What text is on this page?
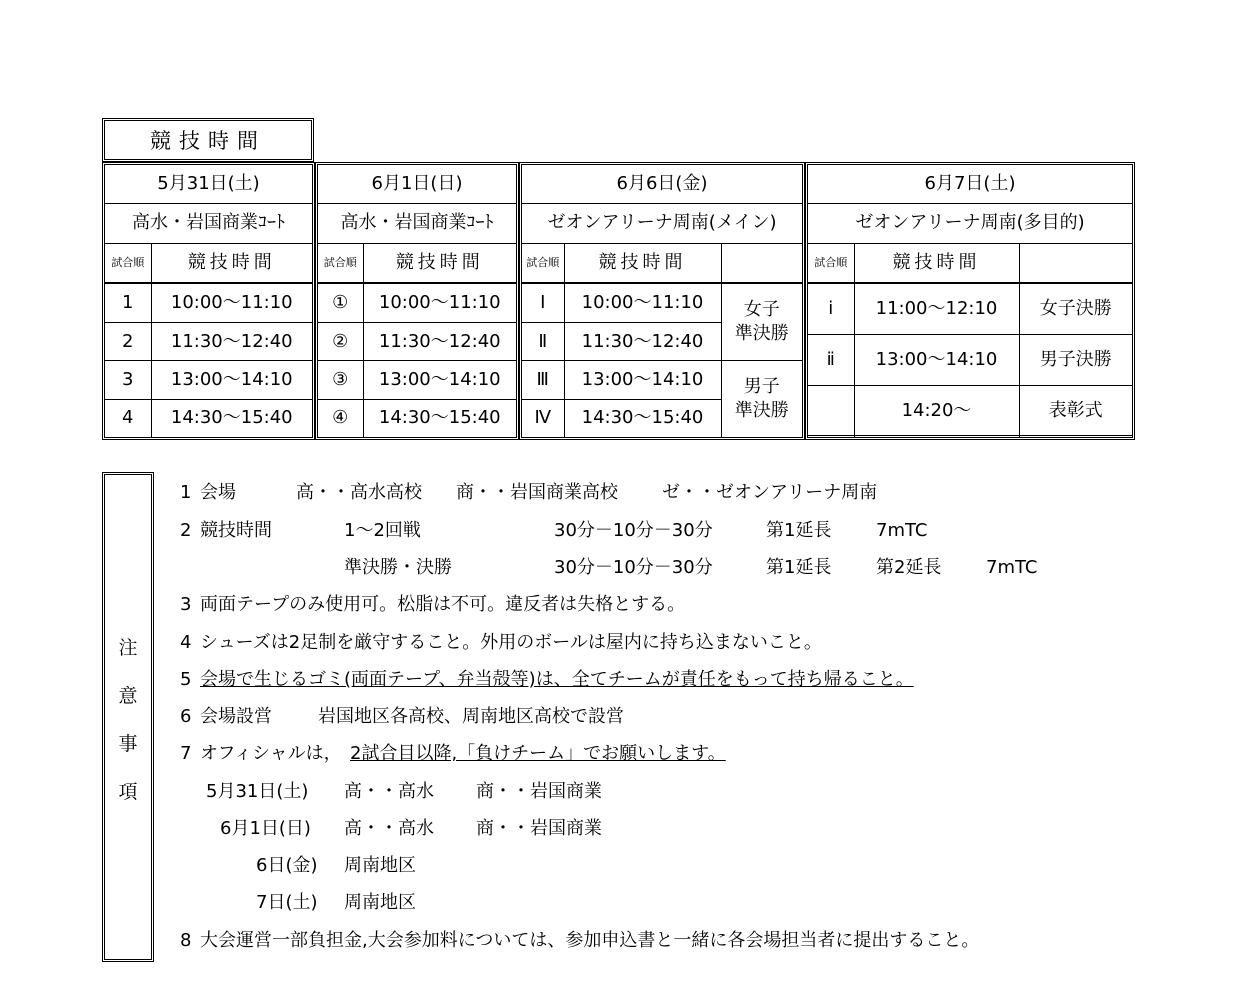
競技時間
5月31日(土)	
高水・岩国商業ｺｰﾄ	
試合順	競技時間
1	10:00〜11:10
2	11:30〜12:40
3	13:00〜14:10
4	14:30〜15:40
6月1日(日)	
高水・岩国商業ｺｰﾄ	
試合順	競技時間
①	10:00〜11:10
②	11:30〜12:40
③	13:00〜14:10
④	14:30〜15:40
6月6日(金)		
ゼオンアリーナ周南(メイン)		
試合順	競技時間	
Ⅰ	10:00〜11:10	女子
準決勝
Ⅱ	11:30〜12:40	
Ⅲ	13:00〜14:10	男子
準決勝
Ⅳ	14:30〜15:40	
6月7日(土)		
ゼオンアリーナ周南(多目的)		
試合順	競技時間	
ⅰ	11:00〜12:10	女子決勝
ⅱ	13:00〜14:10	男子決勝
	14:20〜	表彰式

注
意
事
項
1 会場	高・・高水高校 商・・岩国商業高校 ゼ・・ゼオンアリーナ周南
2 競技時間	1〜2回戦	30分－10分－30分	第1延長 7mTC
準決勝・決勝	30分－10分－30分	第1延長 第2延長 7mTC
3 両面テープのみ使用可。松脂は不可。違反者は失格とする。
4 シューズは2足制を厳守すること。外用のボールは屋内に持ち込まないこと。
5 会場で生じるゴミ(両面テープ、弁当殻等)は、全てチームが責任をもって持ち帰ること。
6 会場設営	岩国地区各高校、周南地区高校で設営
7 オフィシャルは， 2試合目以降,「負けチーム」でお願いします。
5月31日(土) 高・・高水 商・・岩国商業
6月1日(日) 高・・高水 商・・岩国商業
6日(金) 周南地区
7日(土) 周南地区
8 大会運営一部負担金,大会参加料については、参加申込書と一緒に各会場担当者に提出すること。
